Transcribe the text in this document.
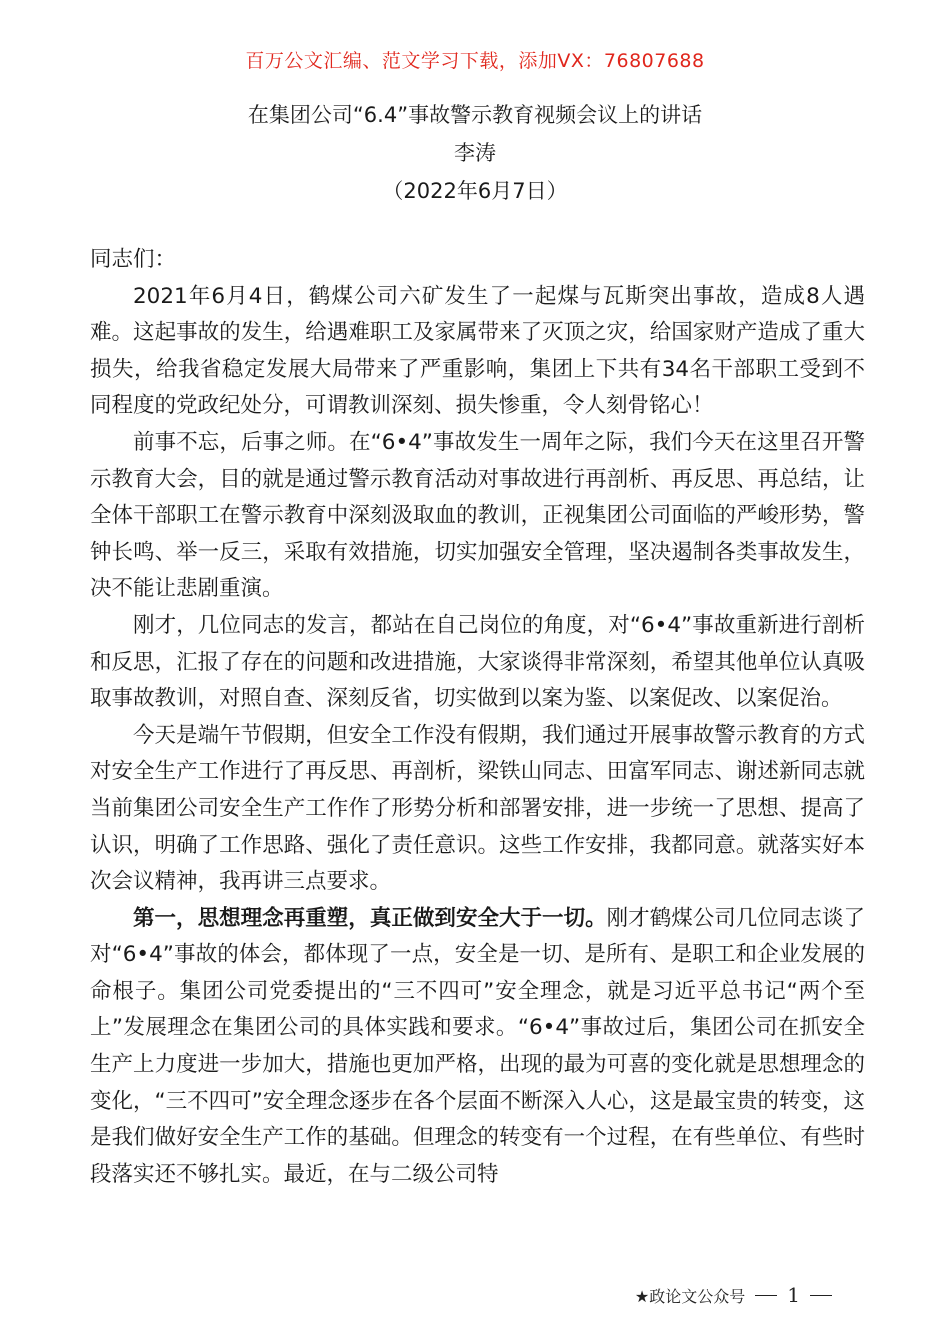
百万公文汇编、范文学习下载，添加VX：76807688
在集团公司“6.4”事故警示教育视频会议上的讲话
李涛
（2022年6月7日）

同志们：

2021年6月4日，鹤煤公司六矿发生了一起煤与瓦斯突出事故，造成8人遇难。这起事故的发生，给遇难职工及家属带来了灭顶之灾，给国家财产造成了重大损失，给我省稳定发展大局带来了严重影响，集团上下共有34名干部职工受到不同程度的党政纪处分，可谓教训深刻、损失惨重，令人刻骨铭心！

前事不忘，后事之师。在“6•4”事故发生一周年之际，我们今天在这里召开警示教育大会，目的就是通过警示教育活动对事故进行再剖析、再反思、再总结，让全体干部职工在警示教育中深刻汲取血的教训，正视集团公司面临的严峻形势，警钟长鸣、举一反三，采取有效措施，切实加强安全管理，坚决遏制各类事故发生，决不能让悲剧重演。

刚才，几位同志的发言，都站在自己岗位的角度，对“6•4”事故重新进行剖析和反思，汇报了存在的问题和改进措施，大家谈得非常深刻，希望其他单位认真吸取事故教训，对照自查、深刻反省，切实做到以案为鉴、以案促改、以案促治。

今天是端午节假期，但安全工作没有假期，我们通过开展事故警示教育的方式对安全生产工作进行了再反思、再剖析，梁铁山同志、田富军同志、谢述新同志就当前集团公司安全生产工作作了形势分析和部署安排，进一步统一了思想、提高了认识，明确了工作思路、强化了责任意识。这些工作安排，我都同意。就落实好本次会议精神，我再讲三点要求。

第一，思想理念再重塑，真正做到安全大于一切。刚才鹤煤公司几位同志谈了对“6•4”事故的体会，都体现了一点，安全是一切、是所有、是职工和企业发展的命根子。集团公司党委提出的“三不四可”安全理念，就是习近平总书记“两个至上”发展理念在集团公司的具体实践和要求。“6•4”事故过后，集团公司在抓安全生产上力度进一步加大，措施也更加严格，出现的最为可喜的变化就是思想理念的变化，“三不四可”安全理念逐步在各个层面不断深入人心，这是最宝贵的转变，这是我们做好安全生产工作的基础。但理念的转变有一个过程，在有些单位、有些时段落实还不够扎实。最近，在与二级公司特

★政论文公众号 1
